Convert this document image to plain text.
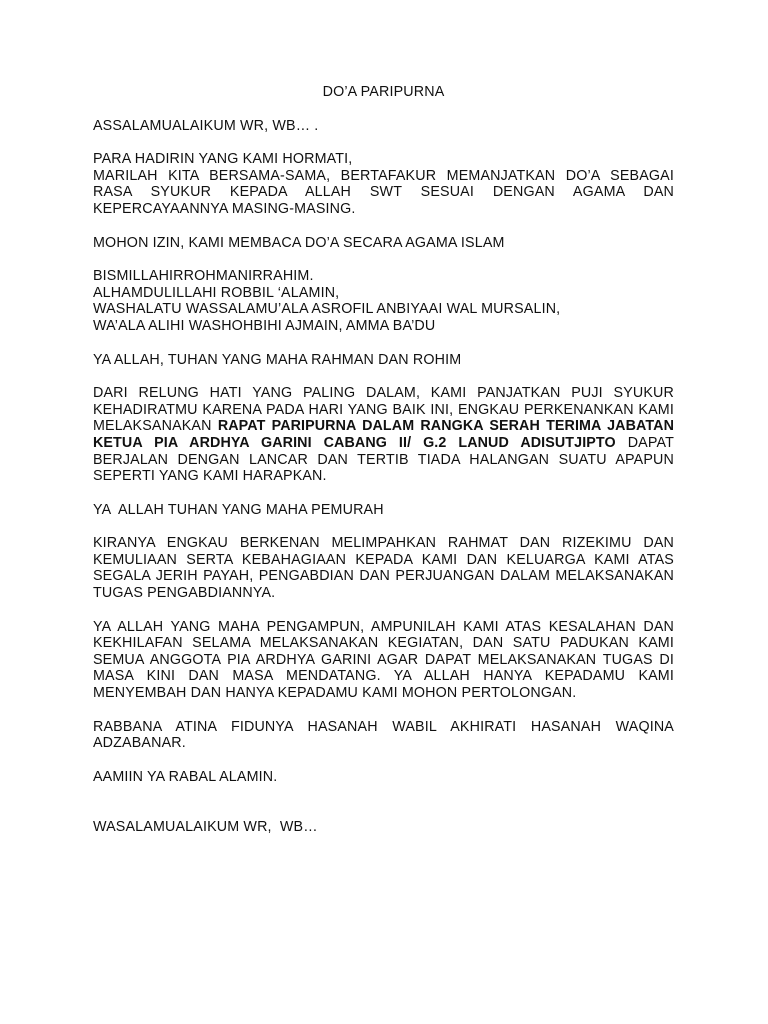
DO’A PARIPURNA
ASSALAMUALAIKUM WR, WB… .
PARA HADIRIN YANG KAMI HORMATI,
MARILAH KITA BERSAMA-SAMA, BERTAFAKUR MEMANJATKAN DO’A SEBAGAI RASA SYUKUR KEPADA ALLAH SWT SESUAI DENGAN AGAMA DAN KEPERCAYAANNYA MASING-MASING.
MOHON IZIN, KAMI MEMBACA DO’A SECARA AGAMA ISLAM
BISMILLAHIRROHMANIRRAHIM.
ALHAMDULILLAHI ROBBIL ‘ALAMIN,
WASHALATU WASSALAMU’ALA ASROFIL ANBIYAAI WAL MURSALIN,
WA’ALA ALIHI WASHOHBIHI AJMAIN, AMMA BA’DU
YA ALLAH, TUHAN YANG MAHA RAHMAN DAN ROHIM
DARI RELUNG HATI YANG PALING DALAM, KAMI PANJATKAN PUJI SYUKUR KEHADIRATMU KARENA PADA HARI YANG BAIK INI, ENGKAU PERKENANKAN KAMI MELAKSANAKAN RAPAT PARIPURNA DALAM RANGKA SERAH TERIMA JABATAN KETUA PIA ARDHYA GARINI CABANG II/ G.2 LANUD ADISUTJIPTO DAPAT BERJALAN DENGAN LANCAR DAN TERTIB TIADA HALANGAN SUATU APAPUN SEPERTI YANG KAMI HARAPKAN.
YA  ALLAH TUHAN YANG MAHA PEMURAH
KIRANYA ENGKAU BERKENAN MELIMPAHKAN RAHMAT DAN RIZEKIMU DAN KEMULIAAN SERTA KEBAHAGIAAN KEPADA KAMI DAN KELUARGA KAMI ATAS SEGALA JERIH PAYAH, PENGABDIAN DAN PERJUANGAN DALAM MELAKSANAKAN TUGAS PENGABDIANNYA.
YA ALLAH YANG MAHA PENGAMPUN, AMPUNILAH KAMI ATAS KESALAHAN DAN KEKHILAFAN SELAMA MELAKSANAKAN KEGIATAN, DAN SATU PADUKAN KAMI SEMUA ANGGOTA PIA ARDHYA GARINI AGAR DAPAT MELAKSANAKAN TUGAS DI MASA KINI DAN MASA MENDATANG. YA ALLAH HANYA KEPADAMU KAMI MENYEMBAH DAN HANYA KEPADAMU KAMI MOHON PERTOLONGAN.
RABBANA ATINA FIDUNYA HASANAH WABIL AKHIRATI HASANAH WAQINA ADZABANAR.
AAMIIN YA RABAL ALAMIN.
WASALAMUALAIKUM WR,  WB…
